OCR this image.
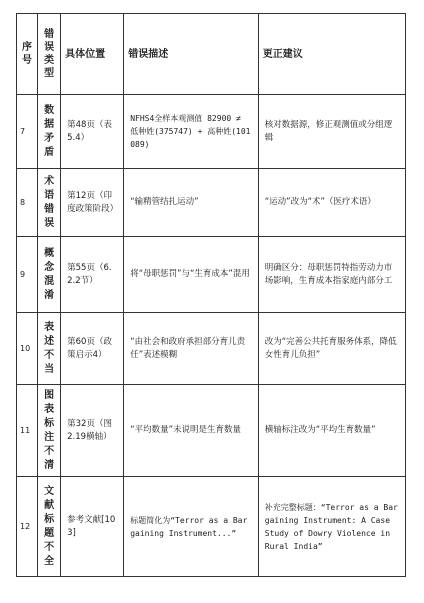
序号	错误类型	具体位置	错误描述	更正建议

7	数据矛盾	第48页（表5.4）	NFHS4全样本观测值 82900 ≠ 低种姓(375747) + 高种姓(101089)	核对数据源，修正观测值或分组逻辑

8	术语错误	第12页（印度政策阶段）	“输精管结扎运动”	“运动”改为“术”（医疗术语）

9	概念混淆	第55页（6.2.2节）	将“母职惩罚”与“生育成本”混用	明确区分：母职惩罚特指劳动力市场影响，生育成本指家庭内部分工

10	表述不当	第60页（政策启示4）	“由社会和政府承担部分育儿责任”表述模糊	改为“完善公共托育服务体系，降低女性育儿负担”

11	图表标注不清	第32页（图2.19横轴）	“平均数量”未说明是生育数量	横轴标注改为“平均生育数量”

12	文献标题不全	参考文献[103]	标题简化为“Terror as a Bargaining Instrument...”	补充完整标题：“Terror as a Bargaining Instrument: A Case Study of Dowry Violence in Rural India”
